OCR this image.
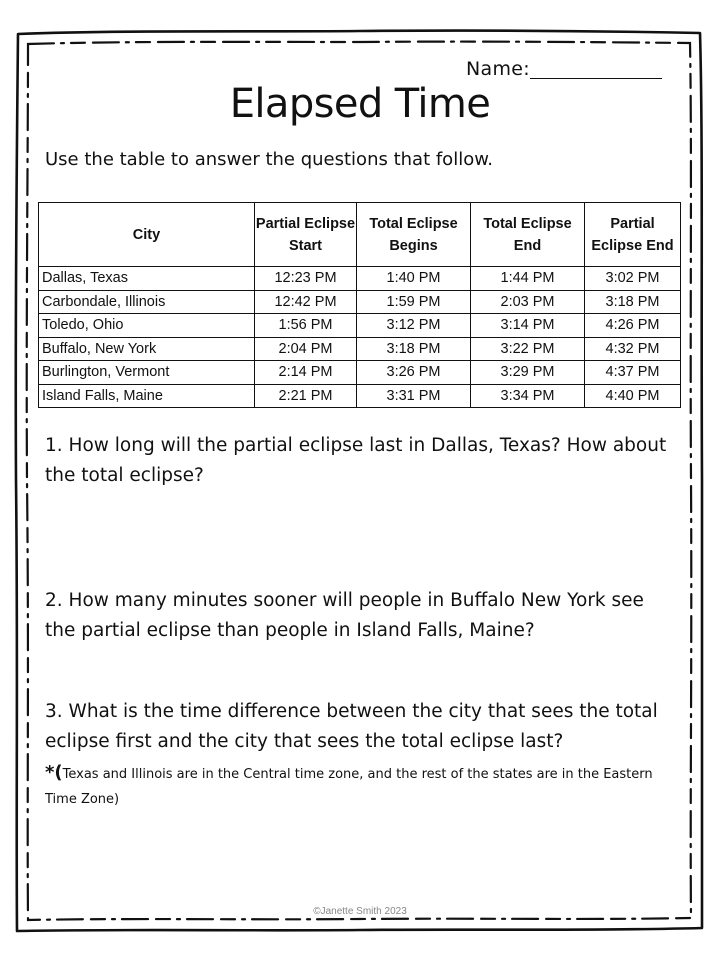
Name:
Elapsed Time
Use the table to answer the questions that follow.
City	Partial Eclipse Start	Total Eclipse Begins	Total Eclipse End	Partial Eclipse End
Dallas, Texas	12:23 PM	1:40 PM	1:44 PM	3:02 PM
Carbondale, Illinois	12:42 PM	1:59 PM	2:03 PM	3:18 PM
Toledo, Ohio	1:56 PM	3:12 PM	3:14 PM	4:26 PM
Buffalo, New York	2:04 PM	3:18 PM	3:22 PM	4:32 PM
Burlington, Vermont	2:14 PM	3:26 PM	3:29 PM	4:37 PM
Island Falls, Maine	2:21 PM	3:31 PM	3:34 PM	4:40 PM
1. How long will the partial eclipse last in Dallas, Texas? How about the total eclipse?
2. How many minutes sooner will people in Buffalo New York see the partial eclipse than people in Island Falls, Maine?
3. What is the time difference between the city that sees the total eclipse first and the city that sees the total eclipse last?
*(Texas and Illinois are in the Central time zone, and the rest of the states are in the Eastern Time Zone)
©Janette Smith 2023
